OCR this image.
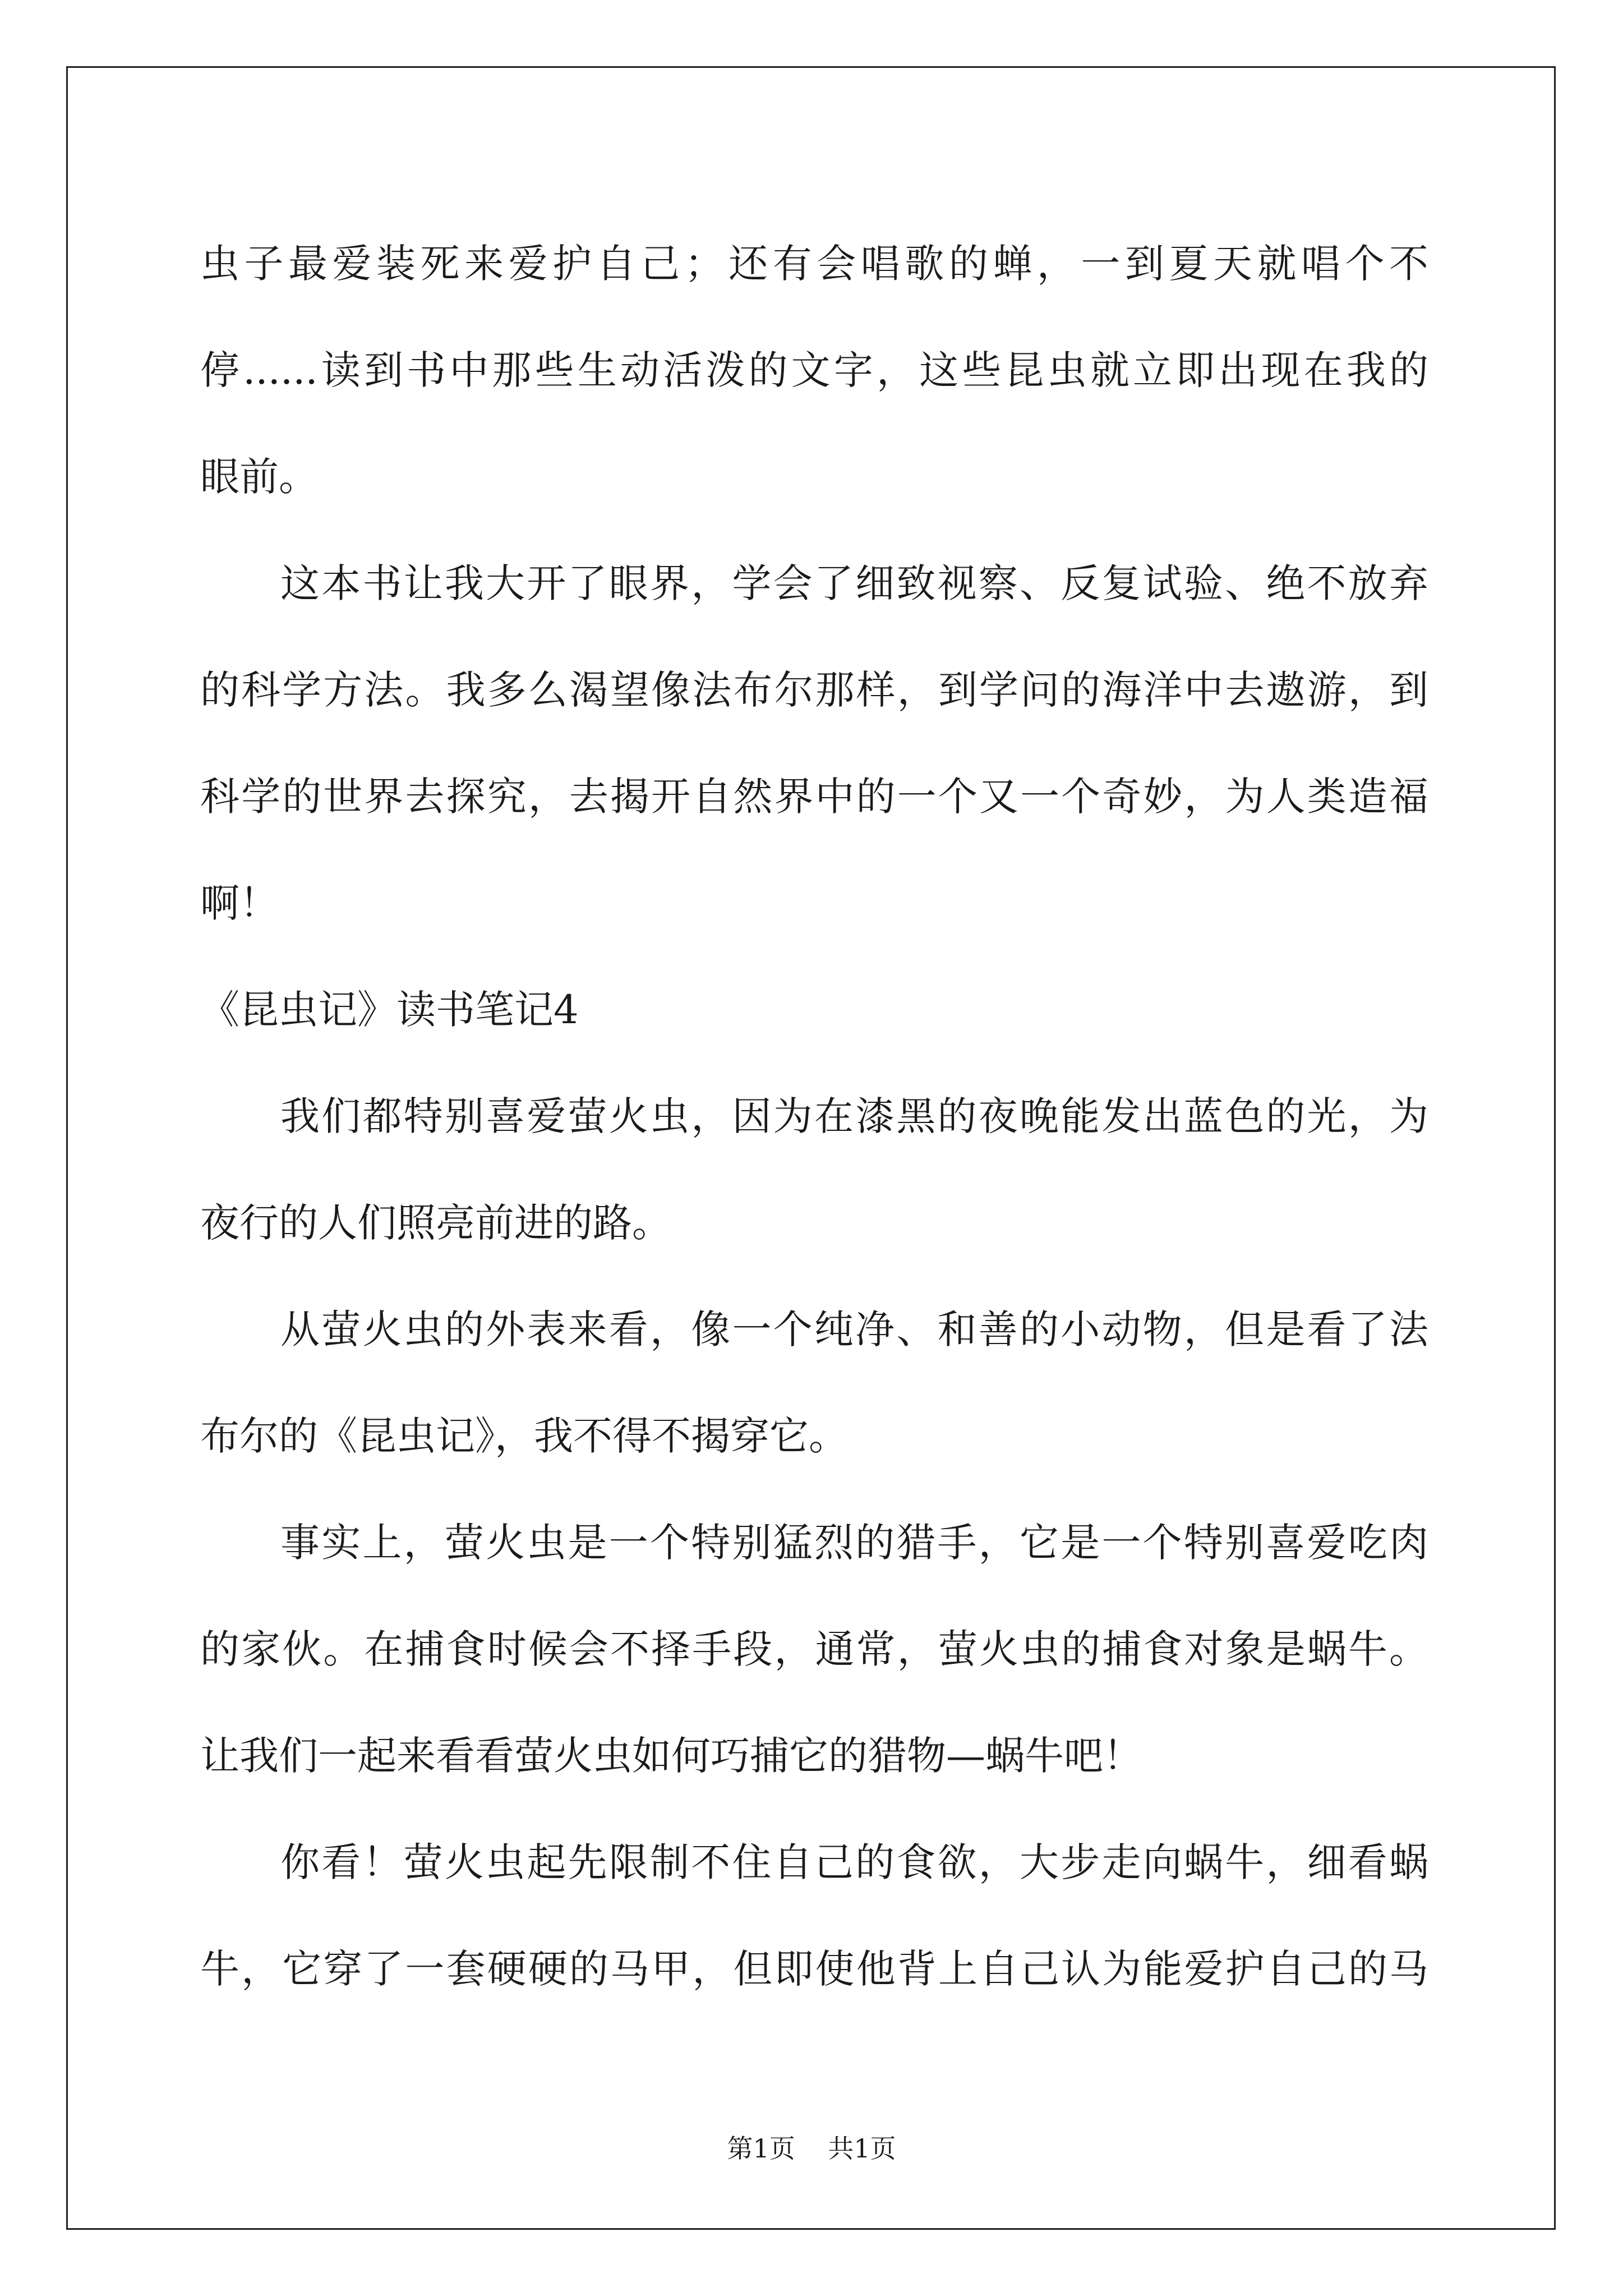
虫子最爱装死来爱护自己；还有会唱歌的蝉，一到夏天就唱个不

停......读到书中那些生动活泼的文字，这些昆虫就立即出现在我的

眼前。

这本书让我大开了眼界，学会了细致视察、反复试验、绝不放弃

的科学方法。我多么渴望像法布尔那样，到学问的海洋中去遨游，到

科学的世界去探究，去揭开自然界中的一个又一个奇妙，为人类造福

啊！

《昆虫记》读书笔记4

我们都特别喜爱萤火虫，因为在漆黑的夜晚能发出蓝色的光，为

夜行的人们照亮前进的路。

从萤火虫的外表来看，像一个纯净、和善的小动物，但是看了法

布尔的《昆虫记》，我不得不揭穿它。

事实上，萤火虫是一个特别猛烈的猎手，它是一个特别喜爱吃肉

的家伙。在捕食时候会不择手段，通常，萤火虫的捕食对象是蜗牛。

让我们一起来看看萤火虫如何巧捕它的猎物—蜗牛吧！

你看！萤火虫起先限制不住自己的食欲，大步走向蜗牛，细看蜗

牛，它穿了一套硬硬的马甲，但即使他背上自己认为能爱护自己的马

第1页    共1页
